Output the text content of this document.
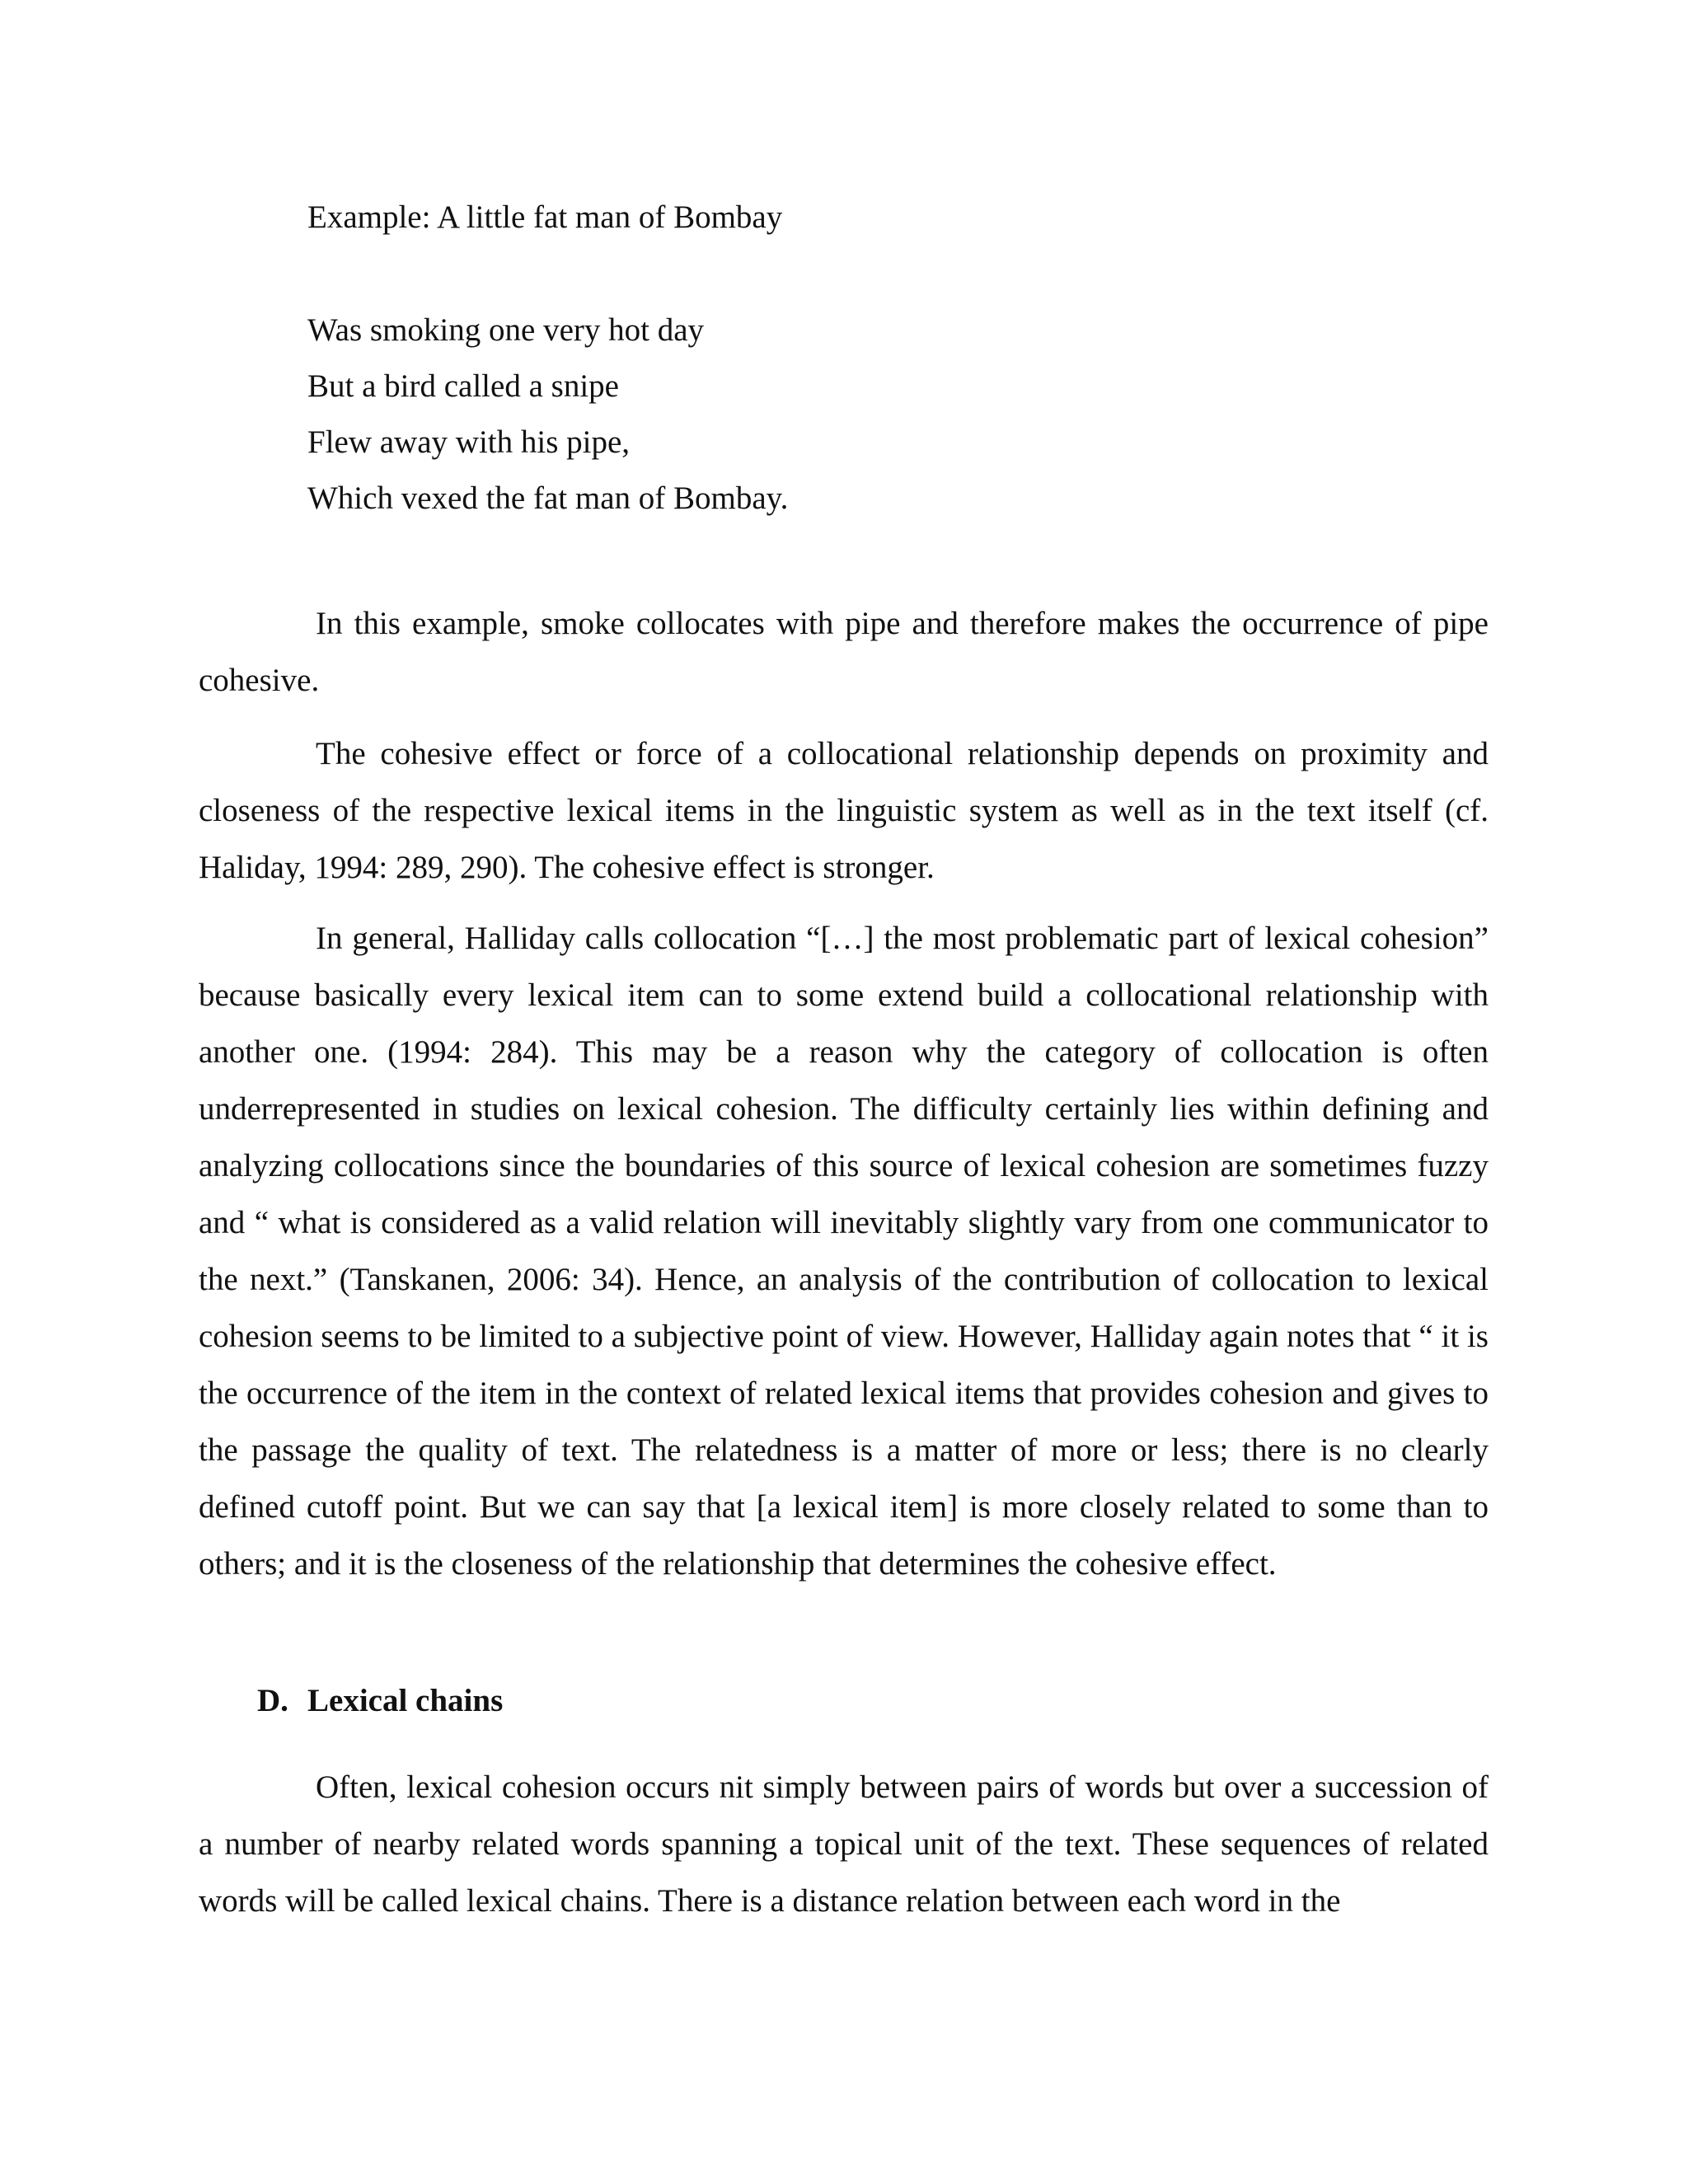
Example: A little fat man of Bombay
Was smoking one very hot day
But a bird called a snipe
Flew away with his pipe,
Which vexed the fat man of Bombay.

In this example, smoke collocates with pipe and therefore makes the occurrence of pipe cohesive.

The cohesive effect or force of a collocational relationship depends on proximity and closeness of the respective lexical items in the linguistic system as well as in the text itself (cf. Haliday, 1994: 289, 290). The cohesive effect is stronger.

In general, Halliday calls collocation “[…] the most problematic part of lexical cohesion” because basically every lexical item can to some extend build a collocational relationship with another one. (1994: 284). This may be a reason why the category of collocation is often underrepresented in studies on lexical cohesion. The difficulty certainly lies within defining and analyzing collocations since the boundaries of this source of lexical cohesion are sometimes fuzzy and “ what is considered as a valid relation will inevitably slightly vary from one communicator to the next.” (Tanskanen, 2006: 34). Hence, an analysis of the contribution of collocation to lexical cohesion seems to be limited to a subjective point of view. However, Halliday again notes that “ it is the occurrence of the item in the context of related lexical items that provides cohesion and gives to the passage the quality of text. The relatedness is a matter of more or less; there is no clearly defined cutoff point. But we can say that [a lexical item] is more closely related to some than to others; and it is the closeness of the relationship that determines the cohesive effect.

D. Lexical chains

Often, lexical cohesion occurs nit simply between pairs of words but over a succession of a number of nearby related words spanning a topical unit of the text. These sequences of related words will be called lexical chains. There is a distance relation between each word in the
